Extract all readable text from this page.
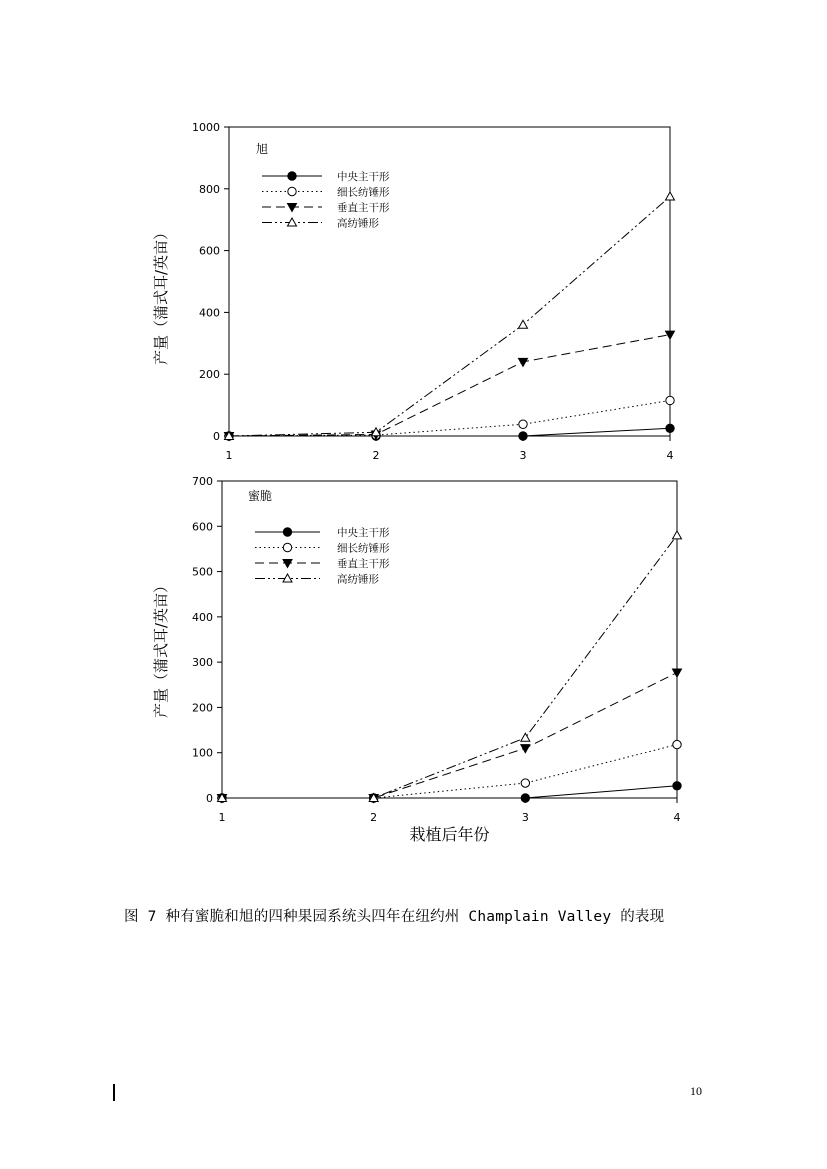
0
200
400
600
800
1000
1	2	3	4
旭
产量（蒲式耳/英亩）
中央主干形
细长纺锤形
垂直主干形
高纺锤形
0
100
200
300
400
500
600
700
1	2	3	4
蜜脆
产量（蒲式耳/英亩）
栽植后年份
中央主干形
细长纺锤形
垂直主干形
高纺锤形
图 7 种有蜜脆和旭的四种果园系统头四年在纽约州 Champlain Valley 的表现
10
